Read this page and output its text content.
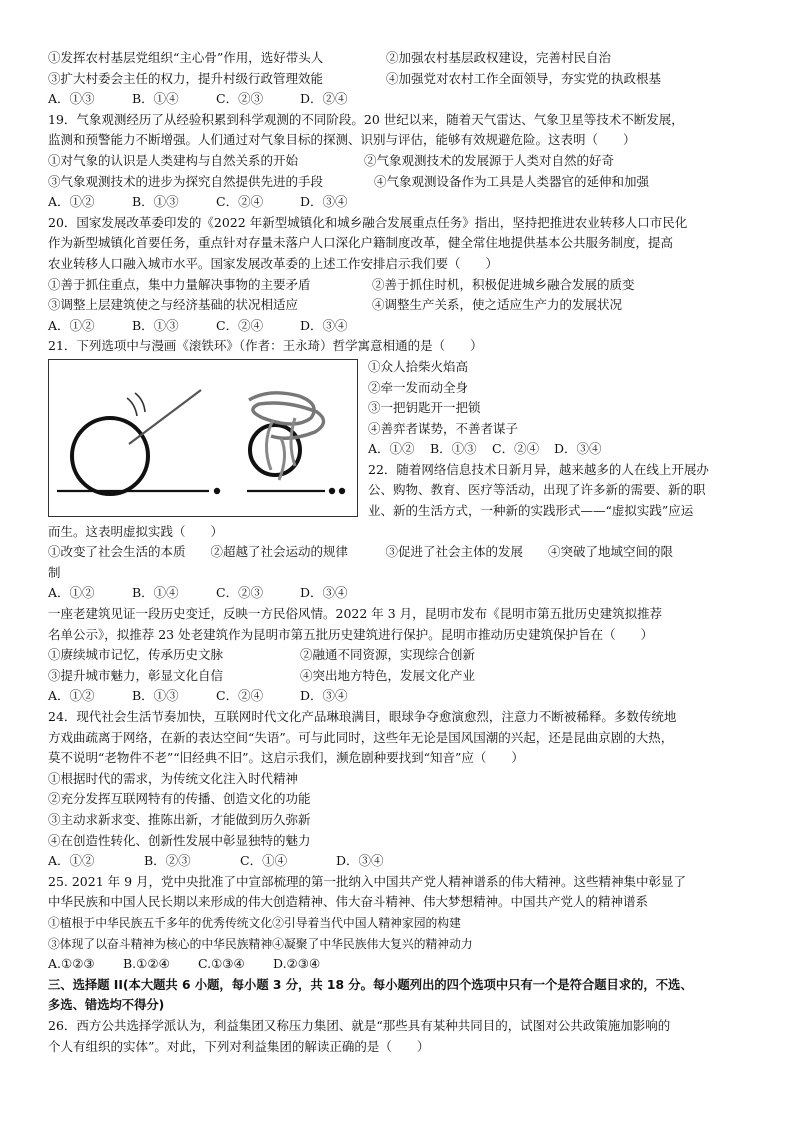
①发挥农村基层党组织“主心骨”作用，选好带头人	②加强农村基层政权建设，完善村民自治
③扩大村委会主任的权力，提升村级行政管理效能	④加强党对农村工作全面领导，夯实党的执政根基
A．①③	B．①④	C．②③	D．②④
19．气象观测经历了从经验积累到科学观测的不同阶段。20 世纪以来，随着天气雷达、气象卫星等技术不断发展，
监测和预警能力不断增强。人们通过对气象目标的探测、识别与评估，能够有效规避危险。这表明（　　）
①对气象的认识是人类建构与自然关系的开始	②气象观测技术的发展源于人类对自然的好奇
③气象观测技术的进步为探究自然提供先进的手段	④气象观测设备作为工具是人类器官的延伸和加强
A．①②	B．①③	C．②④	D．③④
20．国家发展改革委印发的《2022 年新型城镇化和城乡融合发展重点任务》指出，坚持把推进农业转移人口市民化
作为新型城镇化首要任务，重点针对存量未落户人口深化户籍制度改革，健全常住地提供基本公共服务制度，提高
农业转移人口融入城市水平。国家发展改革委的上述工作安排启示我们要（　　）
①善于抓住重点，集中力量解决事物的主要矛盾	②善于抓住时机，积极促进城乡融合发展的质变
③调整上层建筑使之与经济基础的状况相适应	④调整生产关系，使之适应生产力的发展状况
A．①②	B．①③	C．②④	D．③④
21．下列选项中与漫画《滚铁环》（作者：王永琦）哲学寓意相通的是（　　）
①众人拾柴火焰高
②牵一发而动全身
③一把钥匙开一把锁
④善弈者谋势，不善者谋子
A．①②	B．①③	C．②④	D．③④
22．随着网络信息技术日新月异，越来越多的人在线上开展办
公、购物、教育、医疗等活动，出现了许多新的需要、新的职
业、新的生活方式，一种新的实践形式——“虚拟实践”应运
而生。这表明虚拟实践（　　）
①改变了社会生活的本质　　②超越了社会运动的规律　　　③促进了社会主体的发展　　④突破了地域空间的限
制
A．①②	B．①④	C．②③	D．③④
一座老建筑见证一段历史变迁，反映一方民俗风情。2022 年 3 月，昆明市发布《昆明市第五批历史建筑拟推荐
名单公示》，拟推荐 23 处老建筑作为昆明市第五批历史建筑进行保护。昆明市推动历史建筑保护旨在（　　）
①赓续城市记忆，传承历史文脉	②融通不同资源，实现综合创新
③提升城市魅力，彰显文化自信	④突出地方特色，发展文化产业
A．①②	B．①③	C．②④	D．③④
24．现代社会生活节奏加快，互联网时代文化产品琳琅满目，眼球争夺愈演愈烈，注意力不断被稀释。多数传统地
方戏曲疏离于网络，在新的表达空间“失语”。可与此同时，这些年无论是国风国潮的兴起，还是昆曲京剧的大热，
莫不说明“老物件不老”“旧经典不旧”。这启示我们，濒危剧种要找到“知音”应（　　）
①根据时代的需求，为传统文化注入时代精神
②充分发挥互联网特有的传播、创造文化的功能
③主动求新求变、推陈出新，才能做到历久弥新
④在创造性转化、创新性发展中彰显独特的魅力
A．①②	B．②③	C．①④	D．③④
25. 2021 年 9 月，党中央批准了中宣部梳理的第一批纳入中国共产党人精神谱系的伟大精神。这些精神集中彰显了
中华民族和中国人民长期以来形成的伟大创造精神、伟大奋斗精神、伟大梦想精神。中国共产党人的精神谱系
①植根于中华民族五千多年的优秀传统文化②引导着当代中国人精神家园的构建
③体现了以奋斗精神为核心的中华民族精神④凝聚了中华民族伟大复兴的精神动力
A.①②③	B.①②④	C.①③④	D.②③④
三、选择题 II(本大题共 6 小题，每小题 3 分，共 18 分。每小题列出的四个选项中只有一个是符合题目求的，不选、
多选、错选均不得分)
26．西方公共选择学派认为，利益集团又称压力集团、就是“那些具有某种共同目的，试图对公共政策施加影响的
个人有组织的实体”。对此，下列对利益集团的解读正确的是（　　）
